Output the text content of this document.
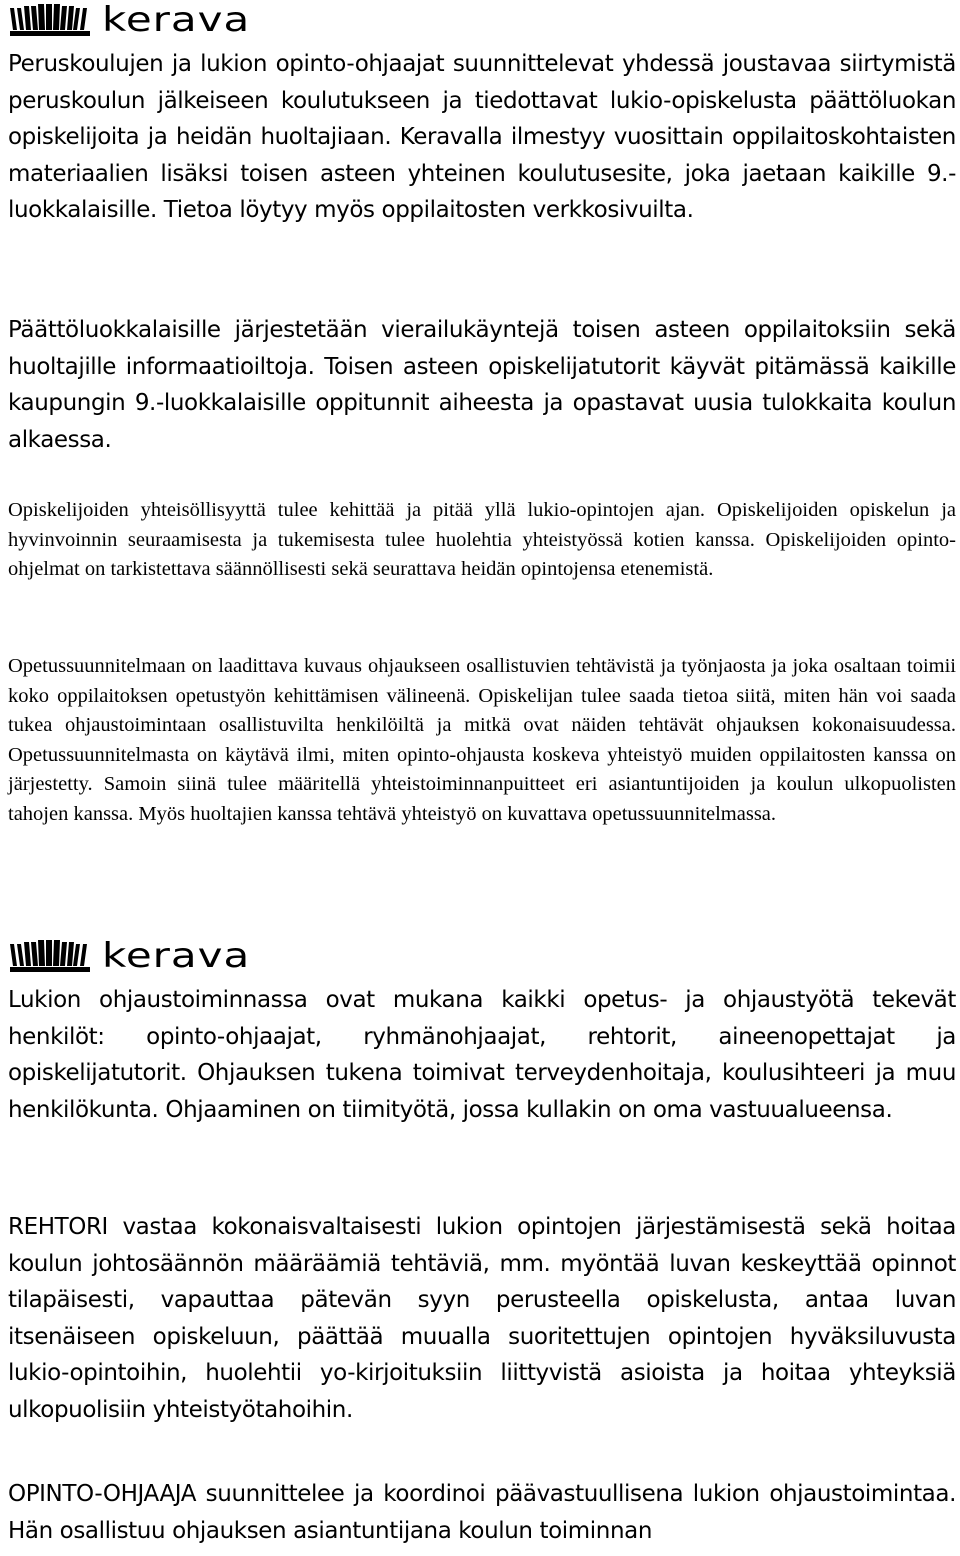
kerava

Peruskoulujen ja lukion opinto-ohjaajat suunnittelevat yhdessä joustavaa siirtymistä peruskoulun jälkeiseen koulutukseen ja tiedottavat lukio-opiskelusta päättöluokan opiskelijoita ja heidän huoltajiaan. Keravalla ilmestyy vuosittain oppilaitoskohtaisten materiaalien lisäksi toisen asteen yhteinen koulutusesite, joka jaetaan kaikille 9.-luokkalaisille. Tietoa löytyy myös oppilaitosten verkkosivuilta.

Päättöluokkalaisille järjestetään vierailukäyntejä toisen asteen oppilaitoksiin sekä huoltajille informaatioiltoja. Toisen asteen opiskelijatutorit käyvät pitämässä kaikille kaupungin 9.-luokkalaisille oppitunnit aiheesta ja opastavat uusia tulokkaita koulun alkaessa.

Opiskelijoiden yhteisöllisyyttä tulee kehittää ja pitää yllä lukio-opintojen ajan. Opiskelijoiden opiskelun ja hyvinvoinnin seuraamisesta ja tukemisesta tulee huolehtia yhteistyössä kotien kanssa. Opiskelijoiden opinto-ohjelmat on tarkistettava säännöllisesti sekä seurattava heidän opintojensa etenemistä.

Opetussuunnitelmaan on laadittava kuvaus ohjaukseen osallistuvien tehtävistä ja työnjaosta ja joka osaltaan toimii koko oppilaitoksen opetustyön kehittämisen välineenä. Opiskelijan tulee saada tietoa siitä, miten hän voi saada tukea ohjaustoimintaan osallistuvilta henkilöiltä ja mitkä ovat näiden tehtävät ohjauksen kokonaisuudessa. Opetussuunnitelmasta on käytävä ilmi, miten opinto-ohjausta koskeva yhteistyö muiden oppilaitosten kanssa on järjestetty. Samoin siinä tulee määritellä yhteistoiminnanpuitteet eri asiantuntijoiden ja koulun ulkopuolisten tahojen kanssa. Myös huoltajien kanssa tehtävä yhteistyö on kuvattava opetussuunnitelmassa.

kerava

Lukion ohjaustoiminnassa ovat mukana kaikki opetus- ja ohjaustyötä tekevät henkilöt: opinto-ohjaajat, ryhmänohjaajat, rehtorit, aineenopettajat ja opiskelijatutorit. Ohjauksen tukena toimivat terveydenhoitaja, koulusihteeri ja muu henkilökunta. Ohjaaminen on tiimityötä, jossa kullakin on oma vastuualueensa.

REHTORI vastaa kokonaisvaltaisesti lukion opintojen järjestämisestä sekä hoitaa koulun johtosäännön määräämiä tehtäviä, mm. myöntää luvan keskeyttää opinnot tilapäisesti, vapauttaa pätevän syyn perusteella opiskelusta, antaa luvan itsenäiseen opiskeluun, päättää muualla suoritettujen opintojen hyväksiluvusta lukio-opintoihin, huolehtii yo-kirjoituksiin liittyvistä asioista ja hoitaa yhteyksiä ulkopuolisiin yhteistyötahoihin.

OPINTO-OHJAAJA suunnittelee ja koordinoi päävastuullisena lukion ohjaustoimintaa. Hän osallistuu ohjauksen asiantuntijana koulun toiminnan
